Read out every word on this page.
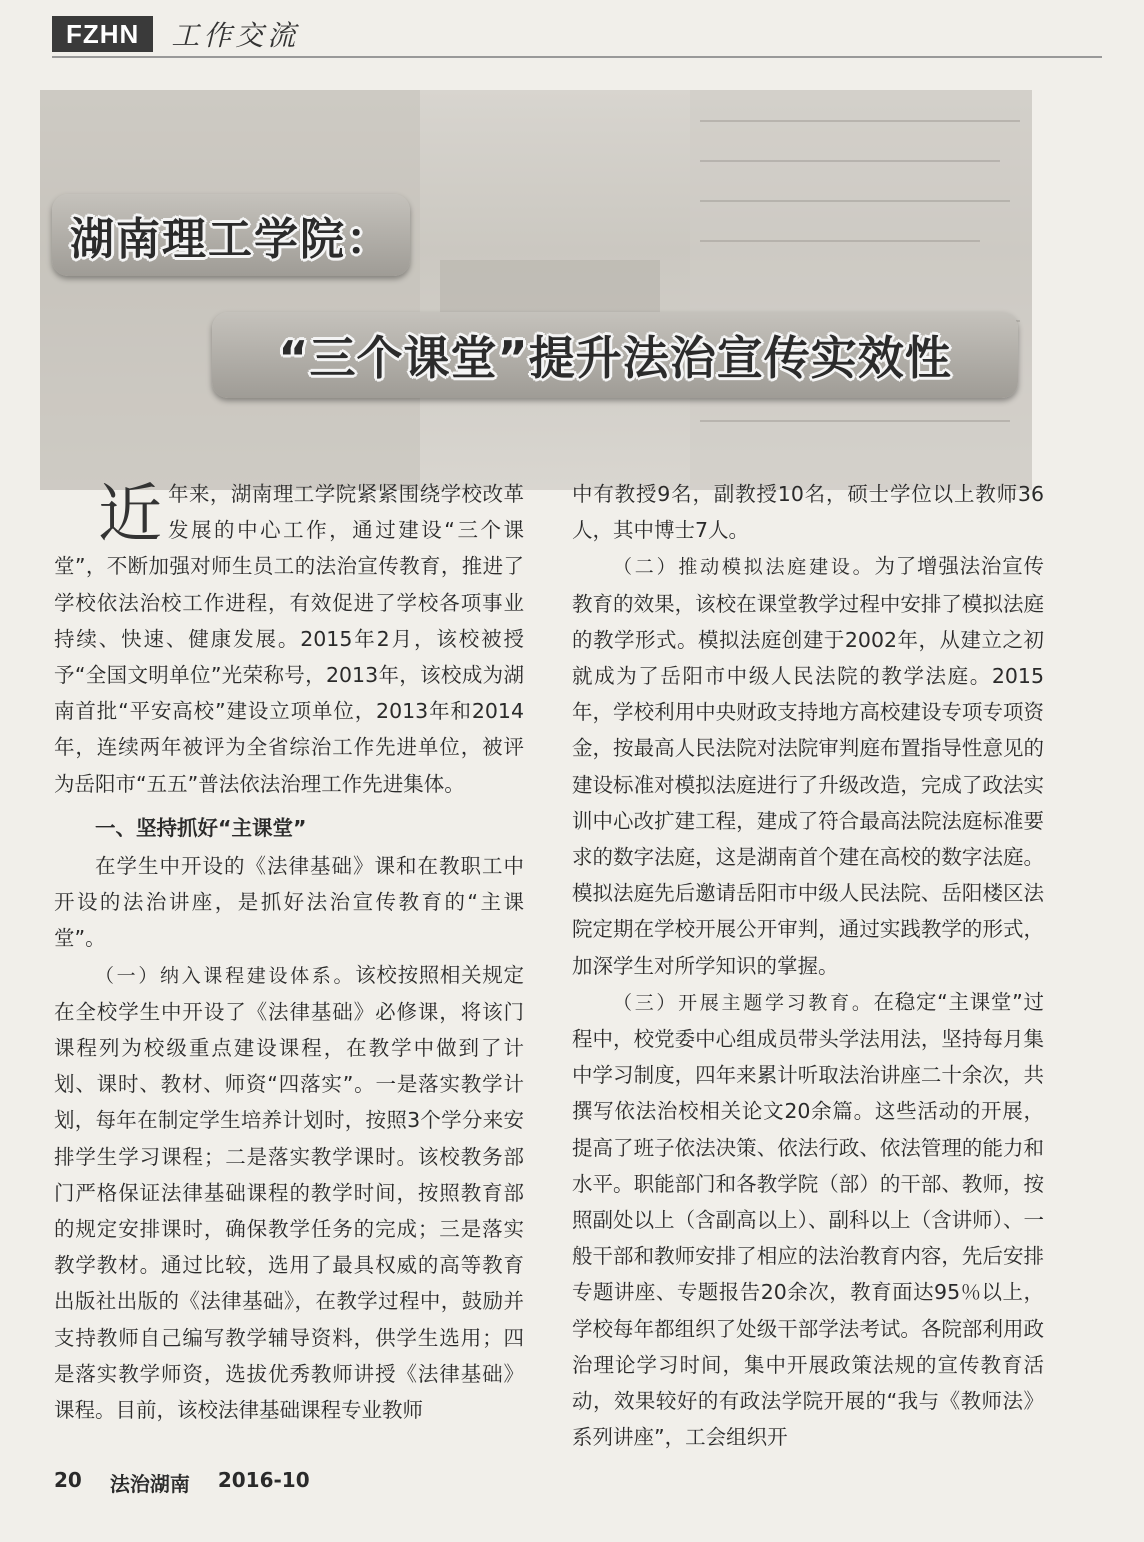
FZHN	工作交流
湖南理工学院：
“三个课堂”提升法治宣传实效性

近年来，湖南理工学院紧紧围绕学校改革发展的中心工作，通过建设“三个课堂”，不断加强对师生员工的法治宣传教育，推进了学校依法治校工作进程，有效促进了学校各项事业持续、快速、健康发展。2015年2月，该校被授予“全国文明单位”光荣称号，2013年，该校成为湖南首批“平安高校”建设立项单位，2013年和2014年，连续两年被评为全省综治工作先进单位，被评为岳阳市“五五”普法依法治理工作先进集体。

一、坚持抓好“主课堂”

在学生中开设的《法律基础》课和在教职工中开设的法治讲座，是抓好法治宣传教育的“主课堂”。

（一）纳入课程建设体系。该校按照相关规定在全校学生中开设了《法律基础》必修课，将该门课程列为校级重点建设课程，在教学中做到了计划、课时、教材、师资“四落实”。一是落实教学计划，每年在制定学生培养计划时，按照3个学分来安排学生学习课程；二是落实教学课时。该校教务部门严格保证法律基础课程的教学时间，按照教育部的规定安排课时，确保教学任务的完成；三是落实教学教材。通过比较，选用了最具权威的高等教育出版社出版的《法律基础》，在教学过程中，鼓励并支持教师自己编写教学辅导资料，供学生选用；四是落实教学师资，选拔优秀教师讲授《法律基础》课程。目前，该校法律基础课程专业教师

中有教授9名，副教授10名，硕士学位以上教师36人，其中博士7人。

（二）推动模拟法庭建设。为了增强法治宣传教育的效果，该校在课堂教学过程中安排了模拟法庭的教学形式。模拟法庭创建于2002年，从建立之初就成为了岳阳市中级人民法院的教学法庭。2015年，学校利用中央财政支持地方高校建设专项专项资金，按最高人民法院对法院审判庭布置指导性意见的建设标准对模拟法庭进行了升级改造，完成了政法实训中心改扩建工程，建成了符合最高法院法庭标准要求的数字法庭，这是湖南首个建在高校的数字法庭。模拟法庭先后邀请岳阳市中级人民法院、岳阳楼区法院定期在学校开展公开审判，通过实践教学的形式，加深学生对所学知识的掌握。

（三）开展主题学习教育。在稳定“主课堂”过程中，校党委中心组成员带头学法用法，坚持每月集中学习制度，四年来累计听取法治讲座二十余次，共撰写依法治校相关论文20余篇。这些活动的开展，提高了班子依法决策、依法行政、依法管理的能力和水平。职能部门和各教学院（部）的干部、教师，按照副处以上（含副高以上）、副科以上（含讲师）、一般干部和教师安排了相应的法治教育内容，先后安排专题讲座、专题报告20余次，教育面达95％以上，学校每年都组织了处级干部学法考试。各院部利用政治理论学习时间，集中开展政策法规的宣传教育活动，效果较好的有政法学院开展的“我与《教师法》系列讲座”，工会组织开

20 法治湖南 2016-10
